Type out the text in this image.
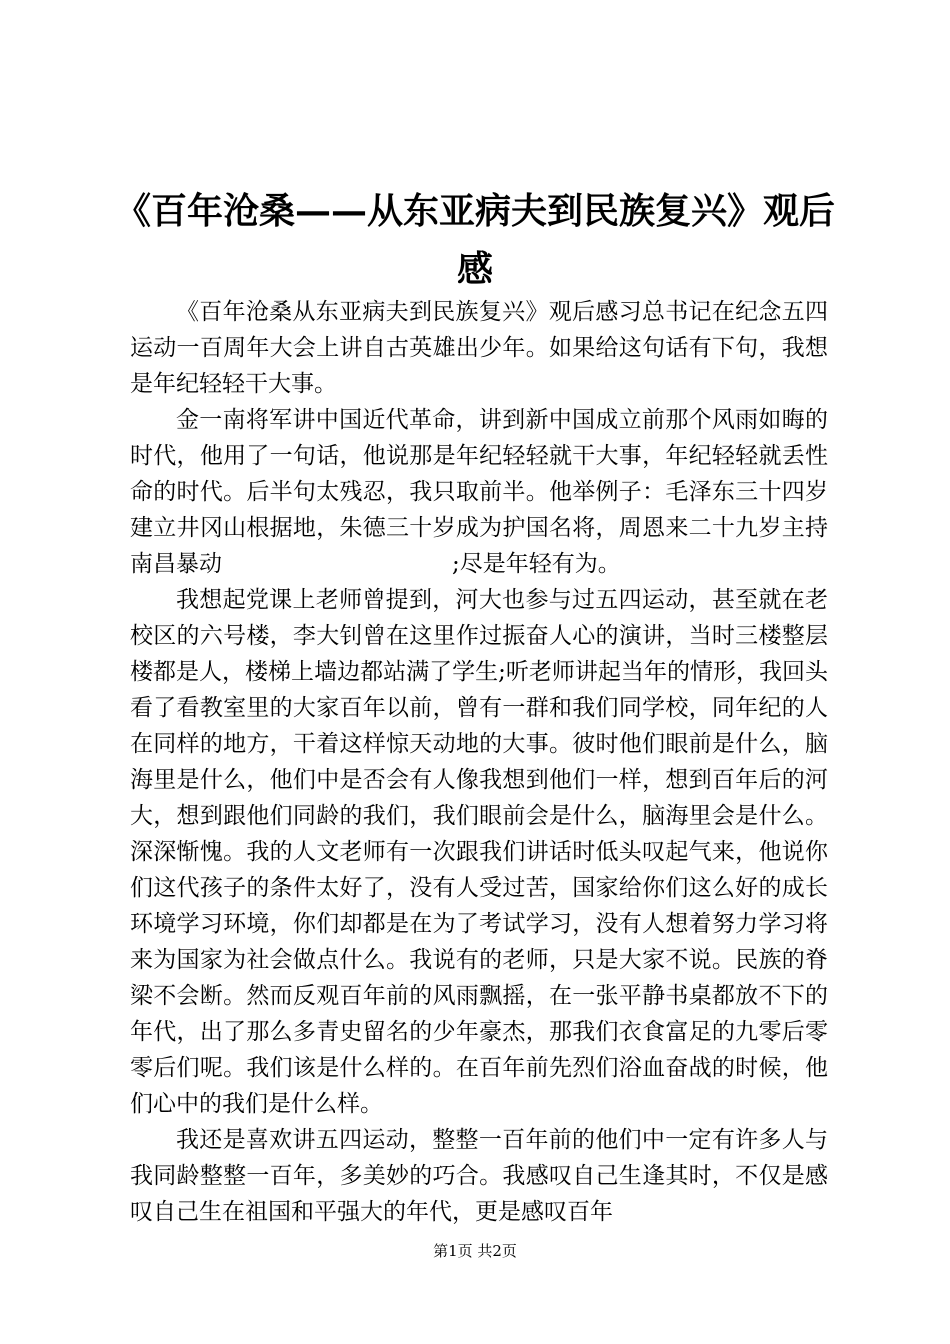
《百年沧桑——从东亚病夫到民族复兴》观后感

《百年沧桑从东亚病夫到民族复兴》观后感习总书记在纪念五四运动一百周年大会上讲自古英雄出少年。如果给这句话有下句，我想是年纪轻轻干大事。

金一南将军讲中国近代革命，讲到新中国成立前那个风雨如晦的时代，他用了一句话，他说那是年纪轻轻就干大事，年纪轻轻就丢性命的时代。后半句太残忍，我只取前半。他举例子：毛泽东三十四岁建立井冈山根据地，朱德三十岁成为护国名将，周恩来二十九岁主持南昌暴动　　　　　　　　　　;尽是年轻有为。

我想起党课上老师曾提到，河大也参与过五四运动，甚至就在老校区的六号楼，李大钊曾在这里作过振奋人心的演讲，当时三楼整层楼都是人，楼梯上墙边都站满了学生;听老师讲起当年的情形，我回头看了看教室里的大家百年以前，曾有一群和我们同学校，同年纪的人在同样的地方，干着这样惊天动地的大事。彼时他们眼前是什么，脑海里是什么，他们中是否会有人像我想到他们一样，想到百年后的河大，想到跟他们同龄的我们，我们眼前会是什么，脑海里会是什么。深深惭愧。我的人文老师有一次跟我们讲话时低头叹起气来，他说你们这代孩子的条件太好了，没有人受过苦，国家给你们这么好的成长环境学习环境，你们却都是在为了考试学习，没有人想着努力学习将来为国家为社会做点什么。我说有的老师，只是大家不说。民族的脊梁不会断。然而反观百年前的风雨飘摇，在一张平静书桌都放不下的年代，出了那么多青史留名的少年豪杰，那我们衣食富足的九零后零零后们呢。我们该是什么样的。在百年前先烈们浴血奋战的时候，他们心中的我们是什么样。

我还是喜欢讲五四运动，整整一百年前的他们中一定有许多人与我同龄整整一百年，多美妙的巧合。我感叹自己生逢其时，不仅是感叹自己生在祖国和平强大的年代，更是感叹百年

第1页 共2页
